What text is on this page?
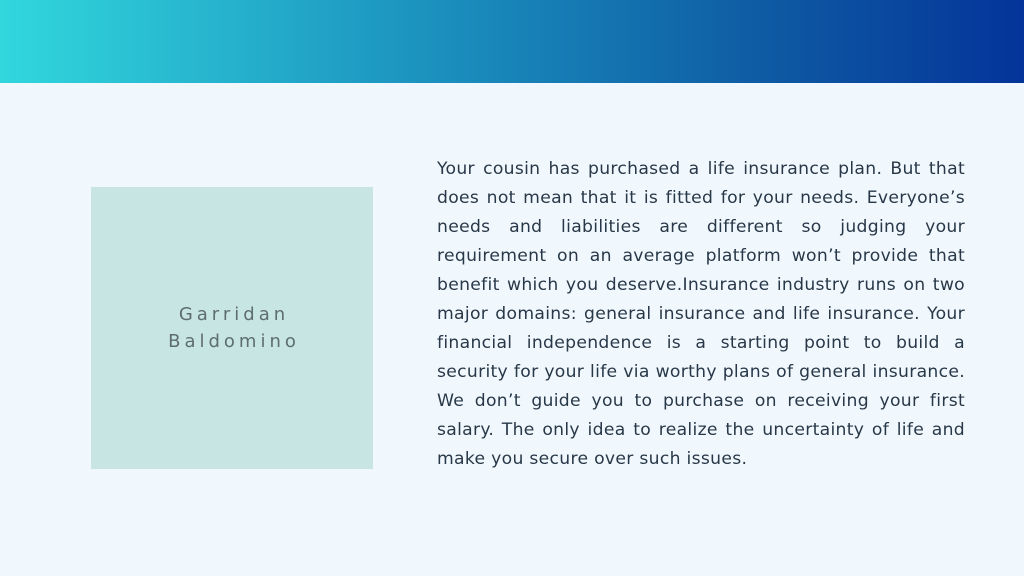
Garridan
Baldomino

Your cousin has purchased a life insurance plan. But that does not mean that it is fitted for your needs. Everyone’s needs and liabilities are different so judging your requirement on an average platform won’t provide that benefit which you deserve.Insurance industry runs on two major domains: general insurance and life insurance. Your financial independence is a starting point to build a security for your life via worthy plans of general insurance. We don’t guide you to purchase on receiving your first salary. The only idea to realize the uncertainty of life and make you secure over such issues.
